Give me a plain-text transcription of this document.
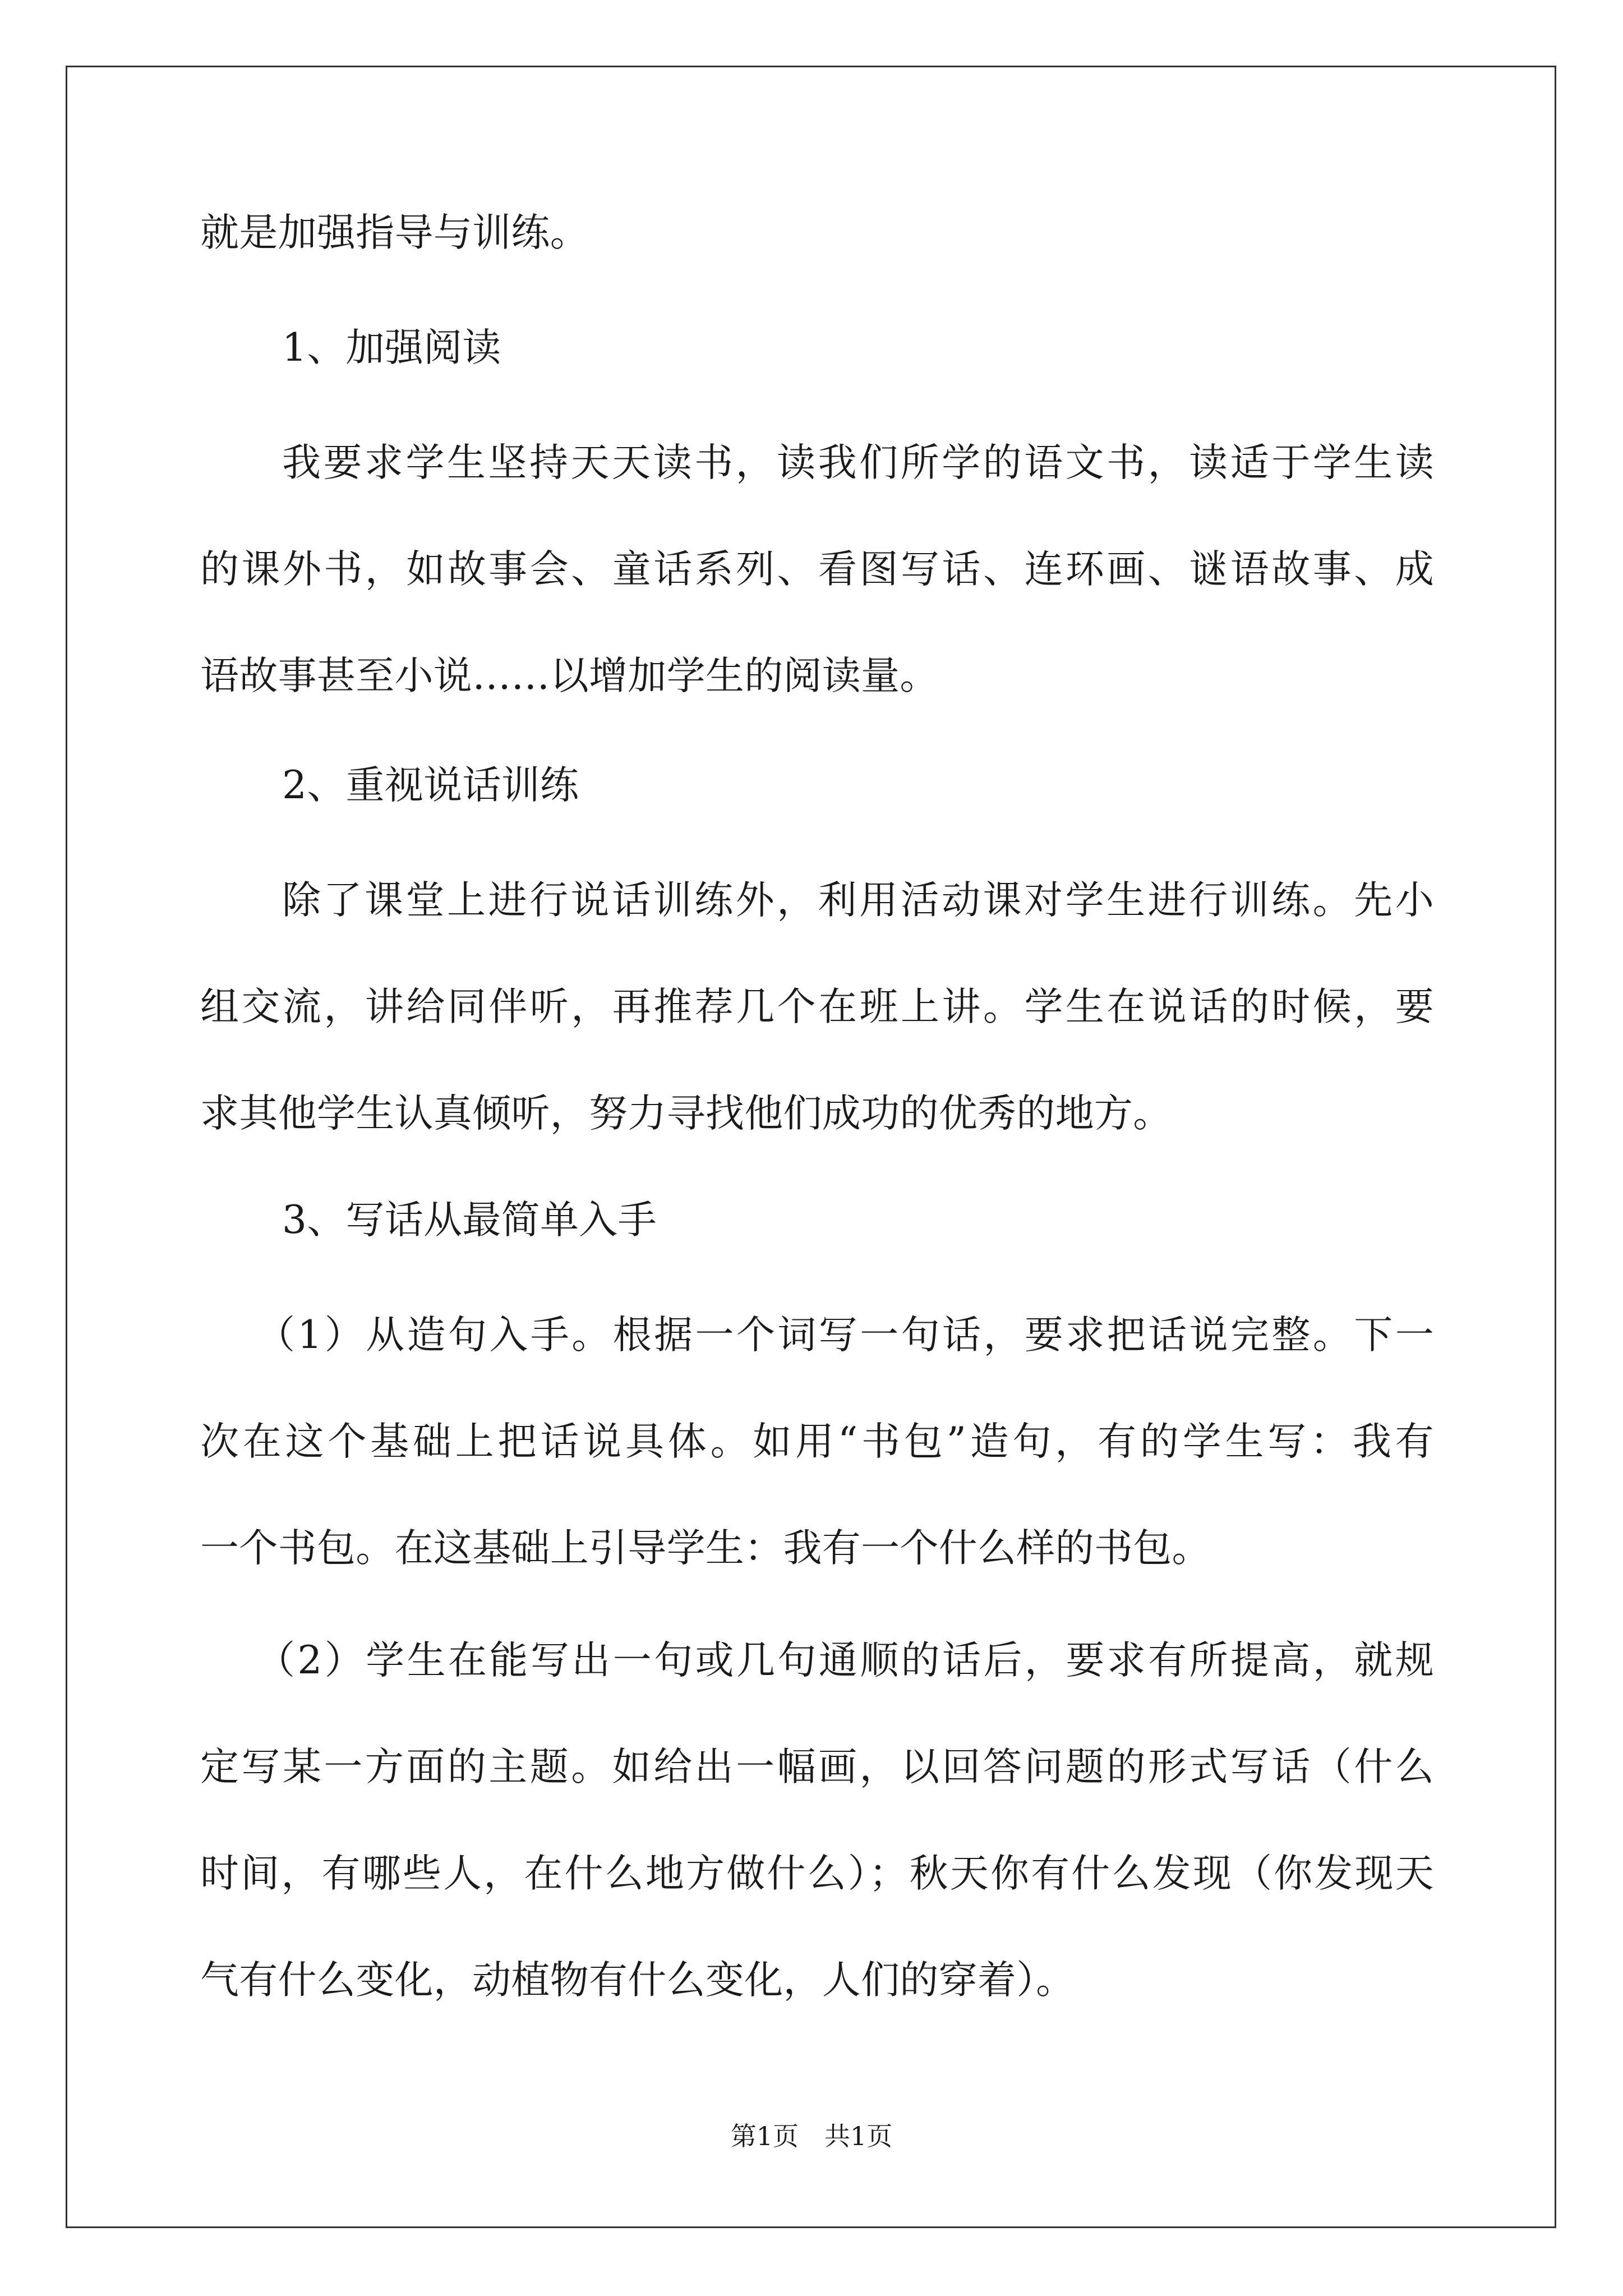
就是加强指导与训练。
1、加强阅读
我要求学生坚持天天读书，读我们所学的语文书，读适于学生读
的课外书，如故事会、童话系列、看图写话、连环画、谜语故事、成
语故事甚至小说……以增加学生的阅读量。
2、重视说话训练
除了课堂上进行说话训练外，利用活动课对学生进行训练。先小
组交流，讲给同伴听，再推荐几个在班上讲。学生在说话的时候，要
求其他学生认真倾听，努力寻找他们成功的优秀的地方。
3、写话从最简单入手
（1）从造句入手。根据一个词写一句话，要求把话说完整。下一
次在这个基础上把话说具体。如用“书包”造句，有的学生写：我有
一个书包。在这基础上引导学生：我有一个什么样的书包。
（2）学生在能写出一句或几句通顺的话后，要求有所提高，就规
定写某一方面的主题。如给出一幅画，以回答问题的形式写话（什么
时间，有哪些人，在什么地方做什么）；秋天你有什么发现（你发现天
气有什么变化，动植物有什么变化，人们的穿着）。
第1页　共1页
